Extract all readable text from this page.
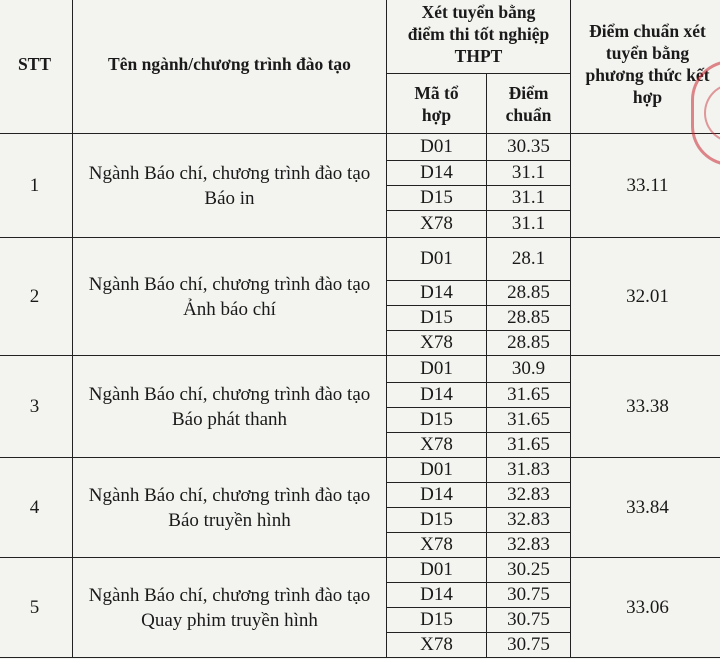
STT	Tên ngành/chương trình đào tạo	Xét tuyển bằng điểm thi tốt nghiệp THPT		Điểm chuẩn xét tuyển bằng phương thức kết hợp
		Mã tổ hợp	Điểm chuẩn	
1	Ngành Báo chí, chương trình đào tạo Báo in	D01	30.35	33.11
		D14	31.1	
		D15	31.1	
		X78	31.1	
2	Ngành Báo chí, chương trình đào tạo Ảnh báo chí	D01	28.1	32.01
		D14	28.85	
		D15	28.85	
		X78	28.85	
3	Ngành Báo chí, chương trình đào tạo Báo phát thanh	D01	30.9	33.38
		D14	31.65	
		D15	31.65	
		X78	31.65	
4	Ngành Báo chí, chương trình đào tạo Báo truyền hình	D01	31.83	33.84
		D14	32.83	
		D15	32.83	
		X78	32.83	
5	Ngành Báo chí, chương trình đào tạo Quay phim truyền hình	D01	30.25	33.06
		D14	30.75	
		D15	30.75	
		X78	30.75	
